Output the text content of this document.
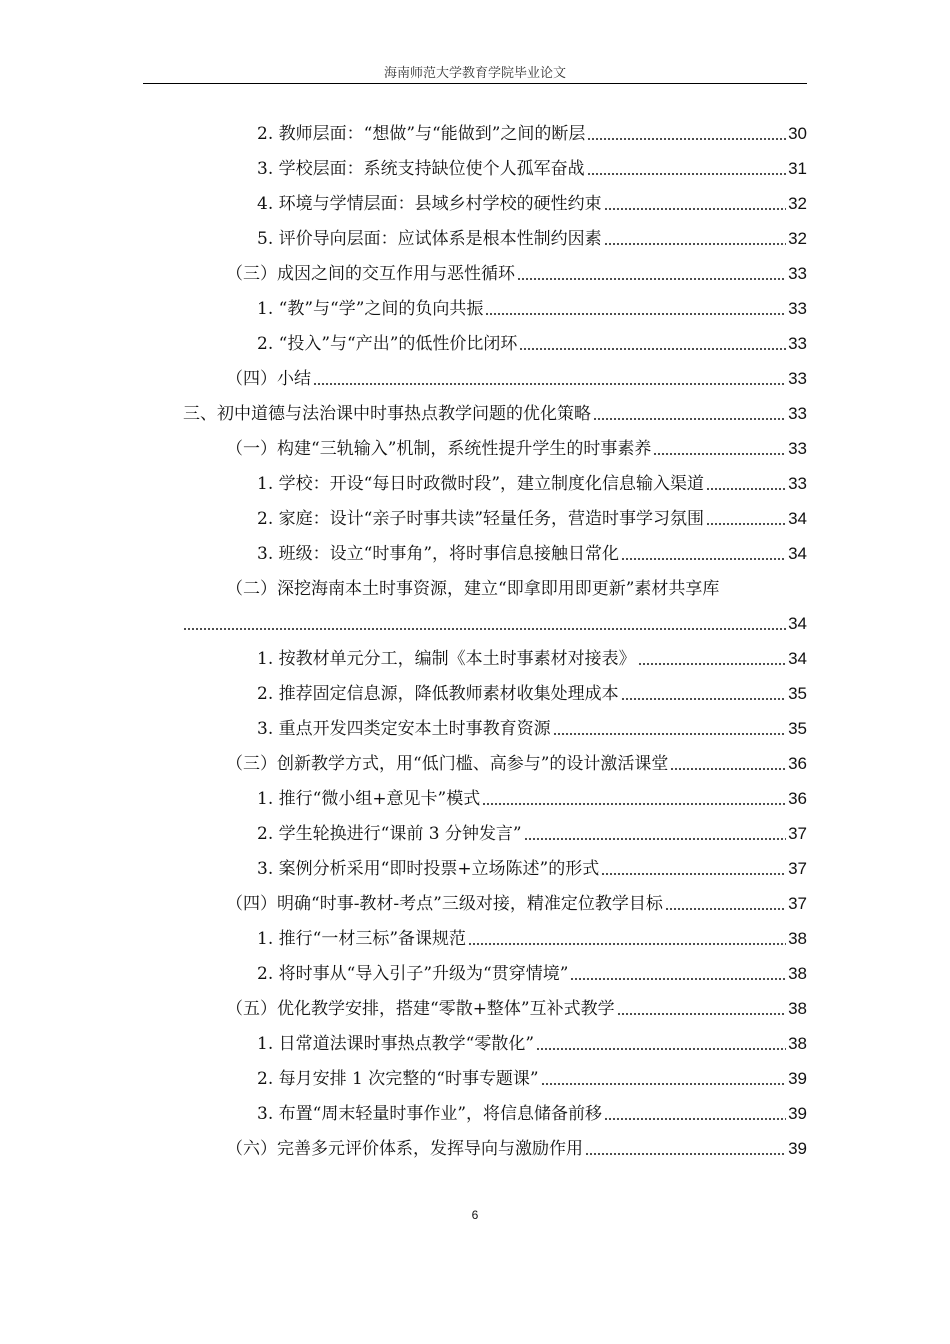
海南师范大学教育学院毕业论文
2. 教师层面：“想做”与“能做到”之间的断层	30
3. 学校层面：系统支持缺位使个人孤军奋战	31
4. 环境与学情层面：县域乡村学校的硬性约束	32
5. 评价导向层面：应试体系是根本性制约因素	32
（三）成因之间的交互作用与恶性循环	33
1. “教”与“学”之间的负向共振	33
2. “投入”与“产出”的低性价比闭环	33
（四）小结	33
三、初中道德与法治课中时事热点教学问题的优化策略	33
（一）构建“三轨输入”机制，系统性提升学生的时事素养	33
1. 学校：开设“每日时政微时段”，建立制度化信息输入渠道	33
2. 家庭：设计“亲子时事共读”轻量任务，营造时事学习氛围	34
3. 班级：设立“时事角”，将时事信息接触日常化	34
（二）深挖海南本土时事资源，建立“即拿即用即更新”素材共享库
34
1. 按教材单元分工，编制《本土时事素材对接表》	34
2. 推荐固定信息源，降低教师素材收集处理成本	35
3. 重点开发四类定安本土时事教育资源	35
（三）创新教学方式，用“低门槛、高参与”的设计激活课堂	36
1. 推行“微小组+意见卡”模式	36
2. 学生轮换进行“课前 3 分钟发言”	37
3. 案例分析采用“即时投票+立场陈述”的形式	37
（四）明确“时事-教材-考点”三级对接，精准定位教学目标	37
1. 推行“一材三标”备课规范	38
2. 将时事从“导入引子”升级为“贯穿情境”	38
（五）优化教学安排，搭建“零散+整体”互补式教学	38
1. 日常道法课时事热点教学“零散化”	38
2. 每月安排 1 次完整的“时事专题课”	39
3. 布置“周末轻量时事作业”，将信息储备前移	39
（六）完善多元评价体系，发挥导向与激励作用	39
6
